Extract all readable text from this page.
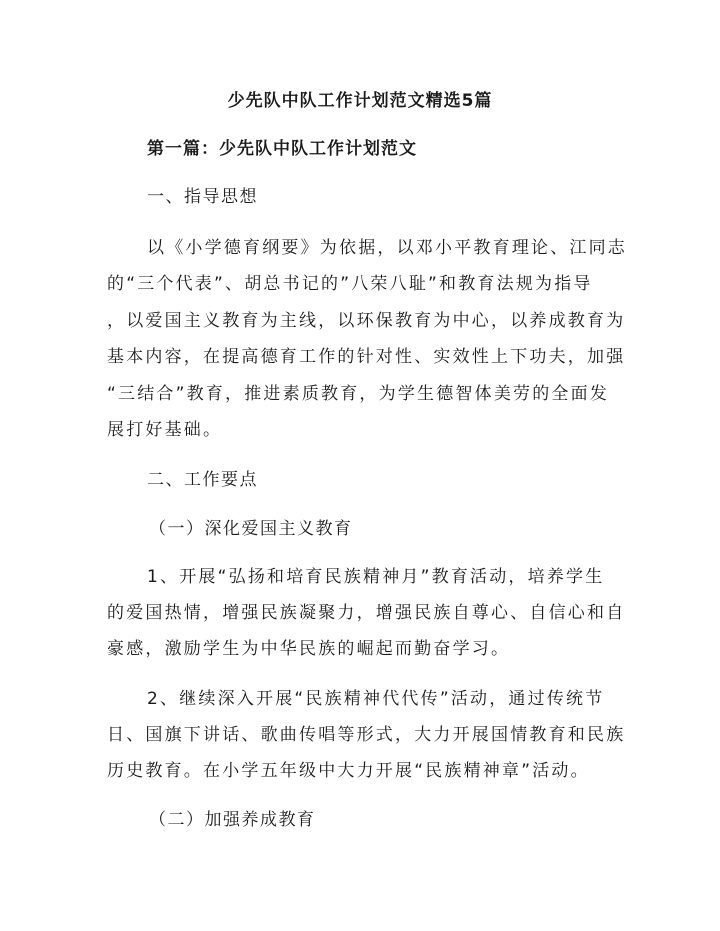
少先队中队工作计划范文精选5篇
第一篇：少先队中队工作计划范文
一、指导思想
以《小学德育纲要》为依据，以邓小平教育理论、江同志
的“三个代表”、胡总书记的”八荣八耻”和教育法规为指导
，以爱国主义教育为主线，以环保教育为中心，以养成教育为
基本内容，在提高德育工作的针对性、实效性上下功夫，加强
“三结合”教育，推进素质教育，为学生德智体美劳的全面发
展打好基础。
二、工作要点
（一）深化爱国主义教育
1、开展“弘扬和培育民族精神月”教育活动，培养学生
的爱国热情，增强民族凝聚力，增强民族自尊心、自信心和自
豪感，激励学生为中华民族的崛起而勤奋学习。
2、继续深入开展“民族精神代代传”活动，通过传统节
日、国旗下讲话、歌曲传唱等形式，大力开展国情教育和民族
历史教育。在小学五年级中大力开展“民族精神章”活动。
（二）加强养成教育
